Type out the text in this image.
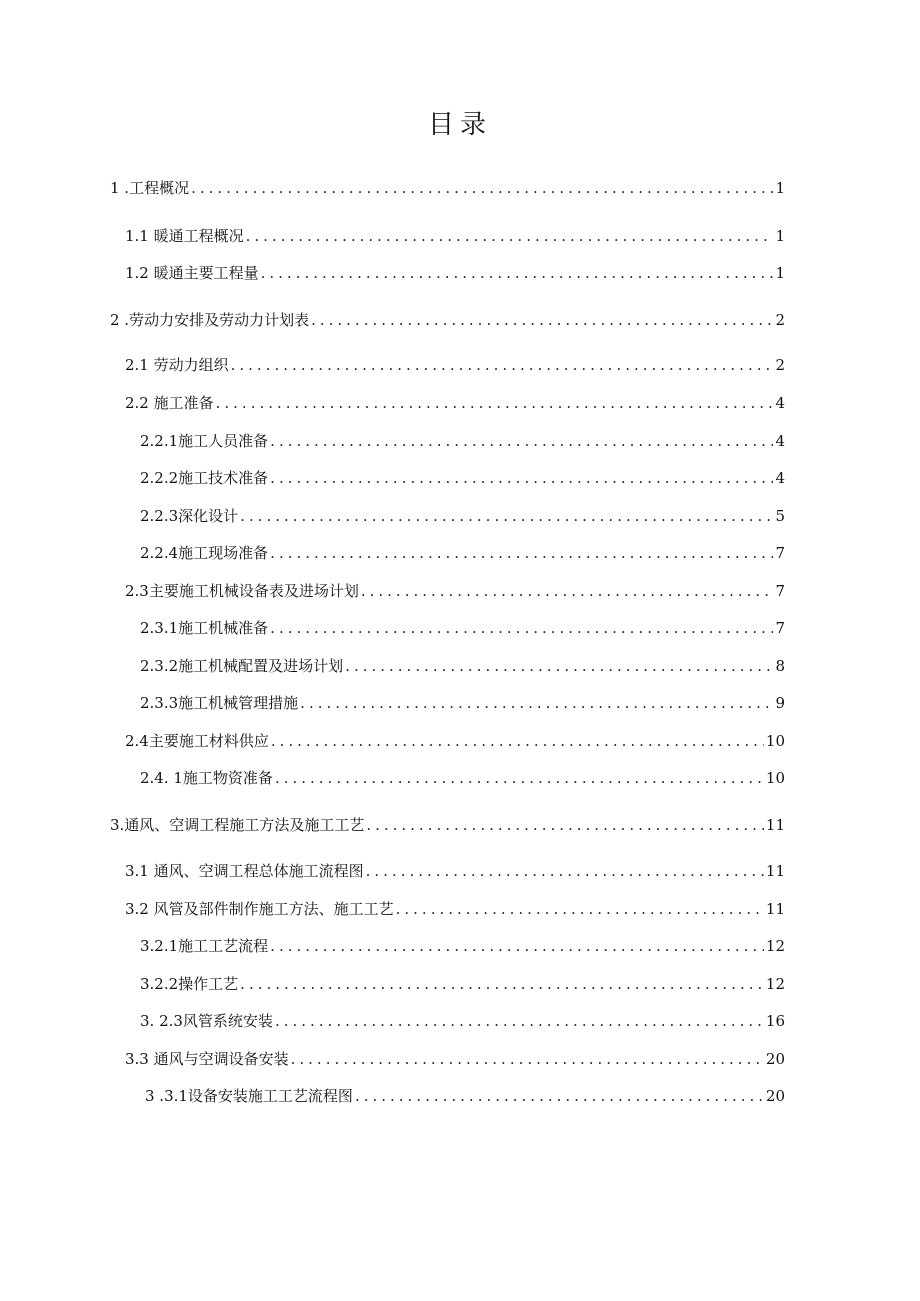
目录
1 .工程概况 .....	1
1.1 暖通工程概况 .....	1
1.2 暖通主要工程量 .....	1
2 .劳动力安排及劳动力计划表 .....	2
2.1 劳动力组织 .....	2
2.2 施工准备 .....	4
2.2.1施工人员准备 .....	4
2.2.2施工技术准备 .....	4
2.2.3深化设计 .....	5
2.2.4施工现场准备 .....	7
2.3主要施工机械设备表及进场计划 .....	7
2.3.1施工机械准备 .....	7
2.3.2施工机械配置及进场计划 .....	8
2.3.3施工机械管理措施 .....	9
2.4主要施工材料供应 .....	10
2.4. 1施工物资准备 .....	10
3.通风、空调工程施工方法及施工工艺 .....	11
3.1 通风、空调工程总体施工流程图 .....	11
3.2 风管及部件制作施工方法、施工工艺 .....	11
3.2.1施工工艺流程 .....	12
3.2.2操作工艺 .....	12
3. 2.3风管系统安装 .....	16
3.3 通风与空调设备安装 .....	20
3 .3.1设备安装施工工艺流程图 .....	20
